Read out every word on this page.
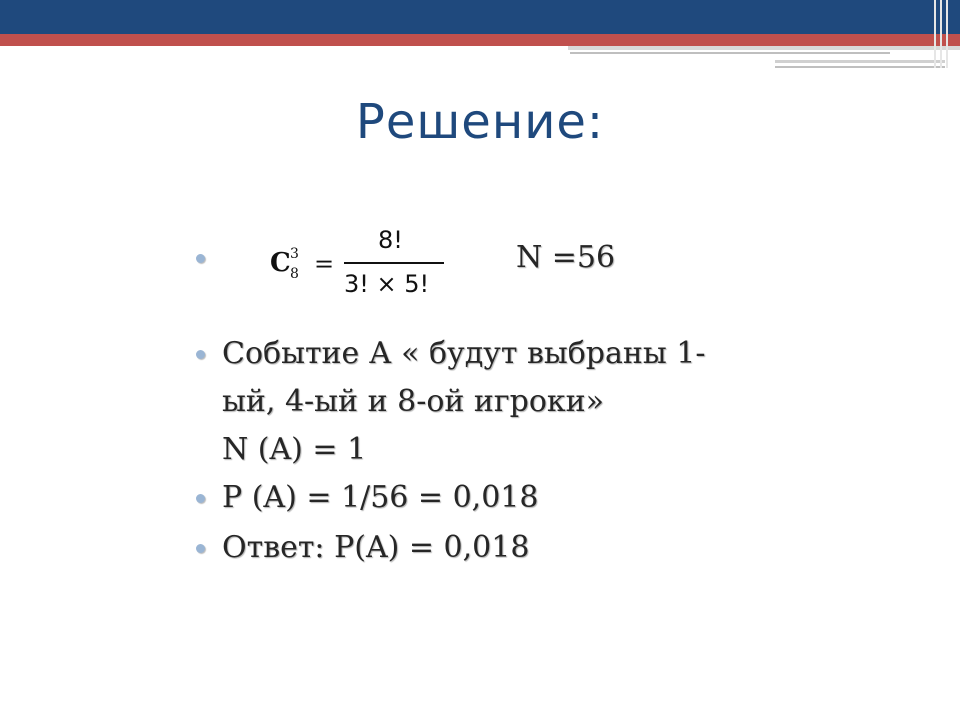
Решение:
C 3
8 =
8!
3! × 5!
N =56
Событие А « будут выбраны 1-
ый, 4-ый и 8-ой игроки»
N (A) = 1
P (A) = 1/56 = 0,018
Ответ: P(A) = 0,018
